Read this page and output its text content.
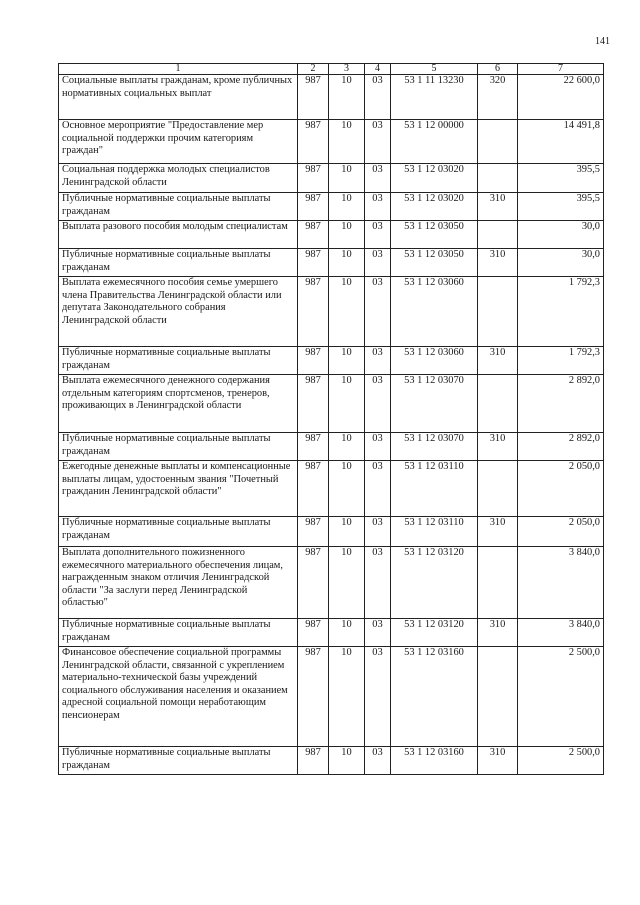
141
1	2	3	4	5	6	7
Социальные выплаты гражданам, кроме публичных нормативных социальных выплат	987	10	03	53 1 11 13230	320	22 600,0
Основное мероприятие "Предоставление мер социальной поддержки прочим категориям граждан"	987	10	03	53 1 12 00000		14 491,8
Социальная поддержка молодых специалистов Ленинградской области	987	10	03	53 1 12 03020		395,5
Публичные нормативные социальные выплаты гражданам	987	10	03	53 1 12 03020	310	395,5
Выплата разового пособия молодым специалистам	987	10	03	53 1 12 03050		30,0
Публичные нормативные социальные выплаты гражданам	987	10	03	53 1 12 03050	310	30,0
Выплата ежемесячного пособия семье умершего члена Правительства Ленинградской области или депутата Законодательного собрания Ленинградской области	987	10	03	53 1 12 03060		1 792,3
Публичные нормативные социальные выплаты гражданам	987	10	03	53 1 12 03060	310	1 792,3
Выплата ежемесячного денежного содержания отдельным категориям спортсменов, тренеров, проживающих в Ленинградской области	987	10	03	53 1 12 03070		2 892,0
Публичные нормативные социальные выплаты гражданам	987	10	03	53 1 12 03070	310	2 892,0
Ежегодные денежные выплаты и компенсационные выплаты лицам, удостоенным звания "Почетный гражданин Ленинградской области"	987	10	03	53 1 12 03110		2 050,0
Публичные нормативные социальные выплаты гражданам	987	10	03	53 1 12 03110	310	2 050,0
Выплата дополнительного пожизненного ежемесячного материального обеспечения лицам, награжденным знаком отличия Ленинградской области "За заслуги перед Ленинградской областью"	987	10	03	53 1 12 03120		3 840,0
Публичные нормативные социальные выплаты гражданам	987	10	03	53 1 12 03120	310	3 840,0
Финансовое обеспечение социальной программы Ленинградской области, связанной с укреплением материально-технической базы учреждений социального обслуживания населения и оказанием адресной социальной помощи неработающим пенсионерам	987	10	03	53 1 12 03160		2 500,0
Публичные нормативные социальные выплаты гражданам	987	10	03	53 1 12 03160	310	2 500,0
